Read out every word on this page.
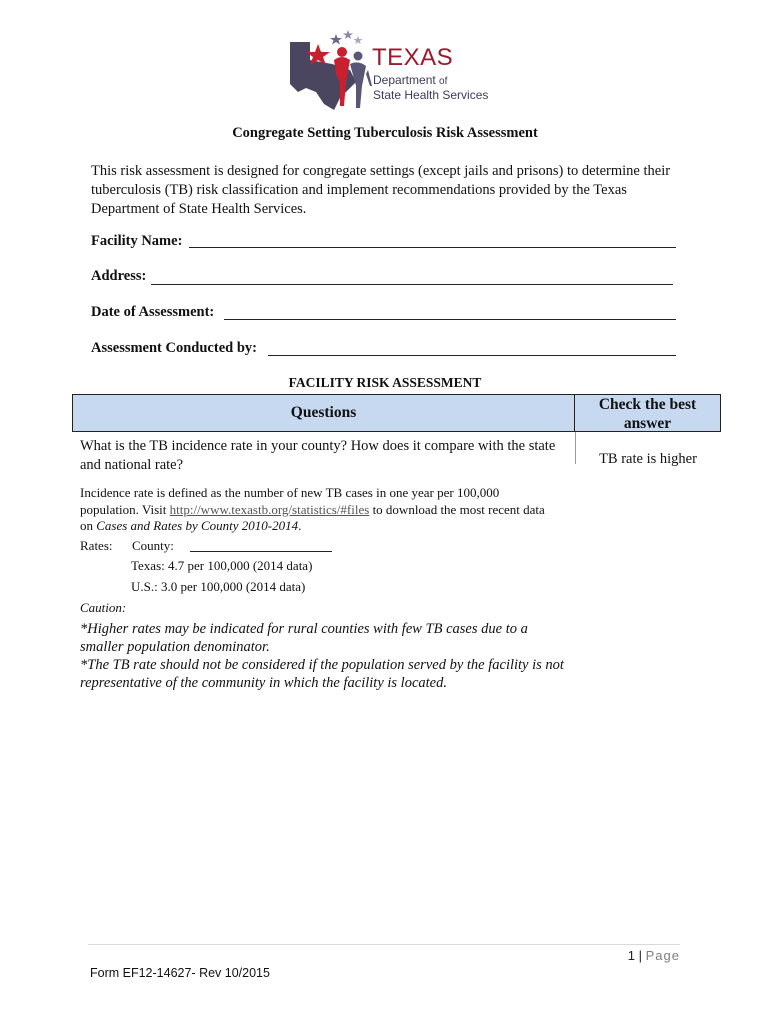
TEXAS
Department of
State Health Services
Congregate Setting Tuberculosis Risk Assessment
This risk assessment is designed for congregate settings (except jails and prisons) to determine their tuberculosis (TB) risk classification and implement recommendations provided by the Texas Department of State Health Services.
Facility Name:
Address:
Date of Assessment:
Assessment Conducted by:
FACILITY RISK ASSESSMENT
Questions	Check the best
answer
What is the TB incidence rate in your county? How does it compare with the state and national rate?	TB rate is higher
Incidence rate is defined as the number of new TB cases in one year per 100,000 population. Visit http://www.texastb.org/statistics/#files to download the most recent data on Cases and Rates by County 2010-2014.
Rates: County:
Texas: 4.7 per 100,000 (2014 data)
U.S.: 3.0 per 100,000 (2014 data)
Caution:
*Higher rates may be indicated for rural counties with few TB cases due to a smaller population denominator.
*The TB rate should not be considered if the population served by the facility is not representative of the community in which the facility is located.
1 | Page
Form EF12-14627- Rev 10/2015
